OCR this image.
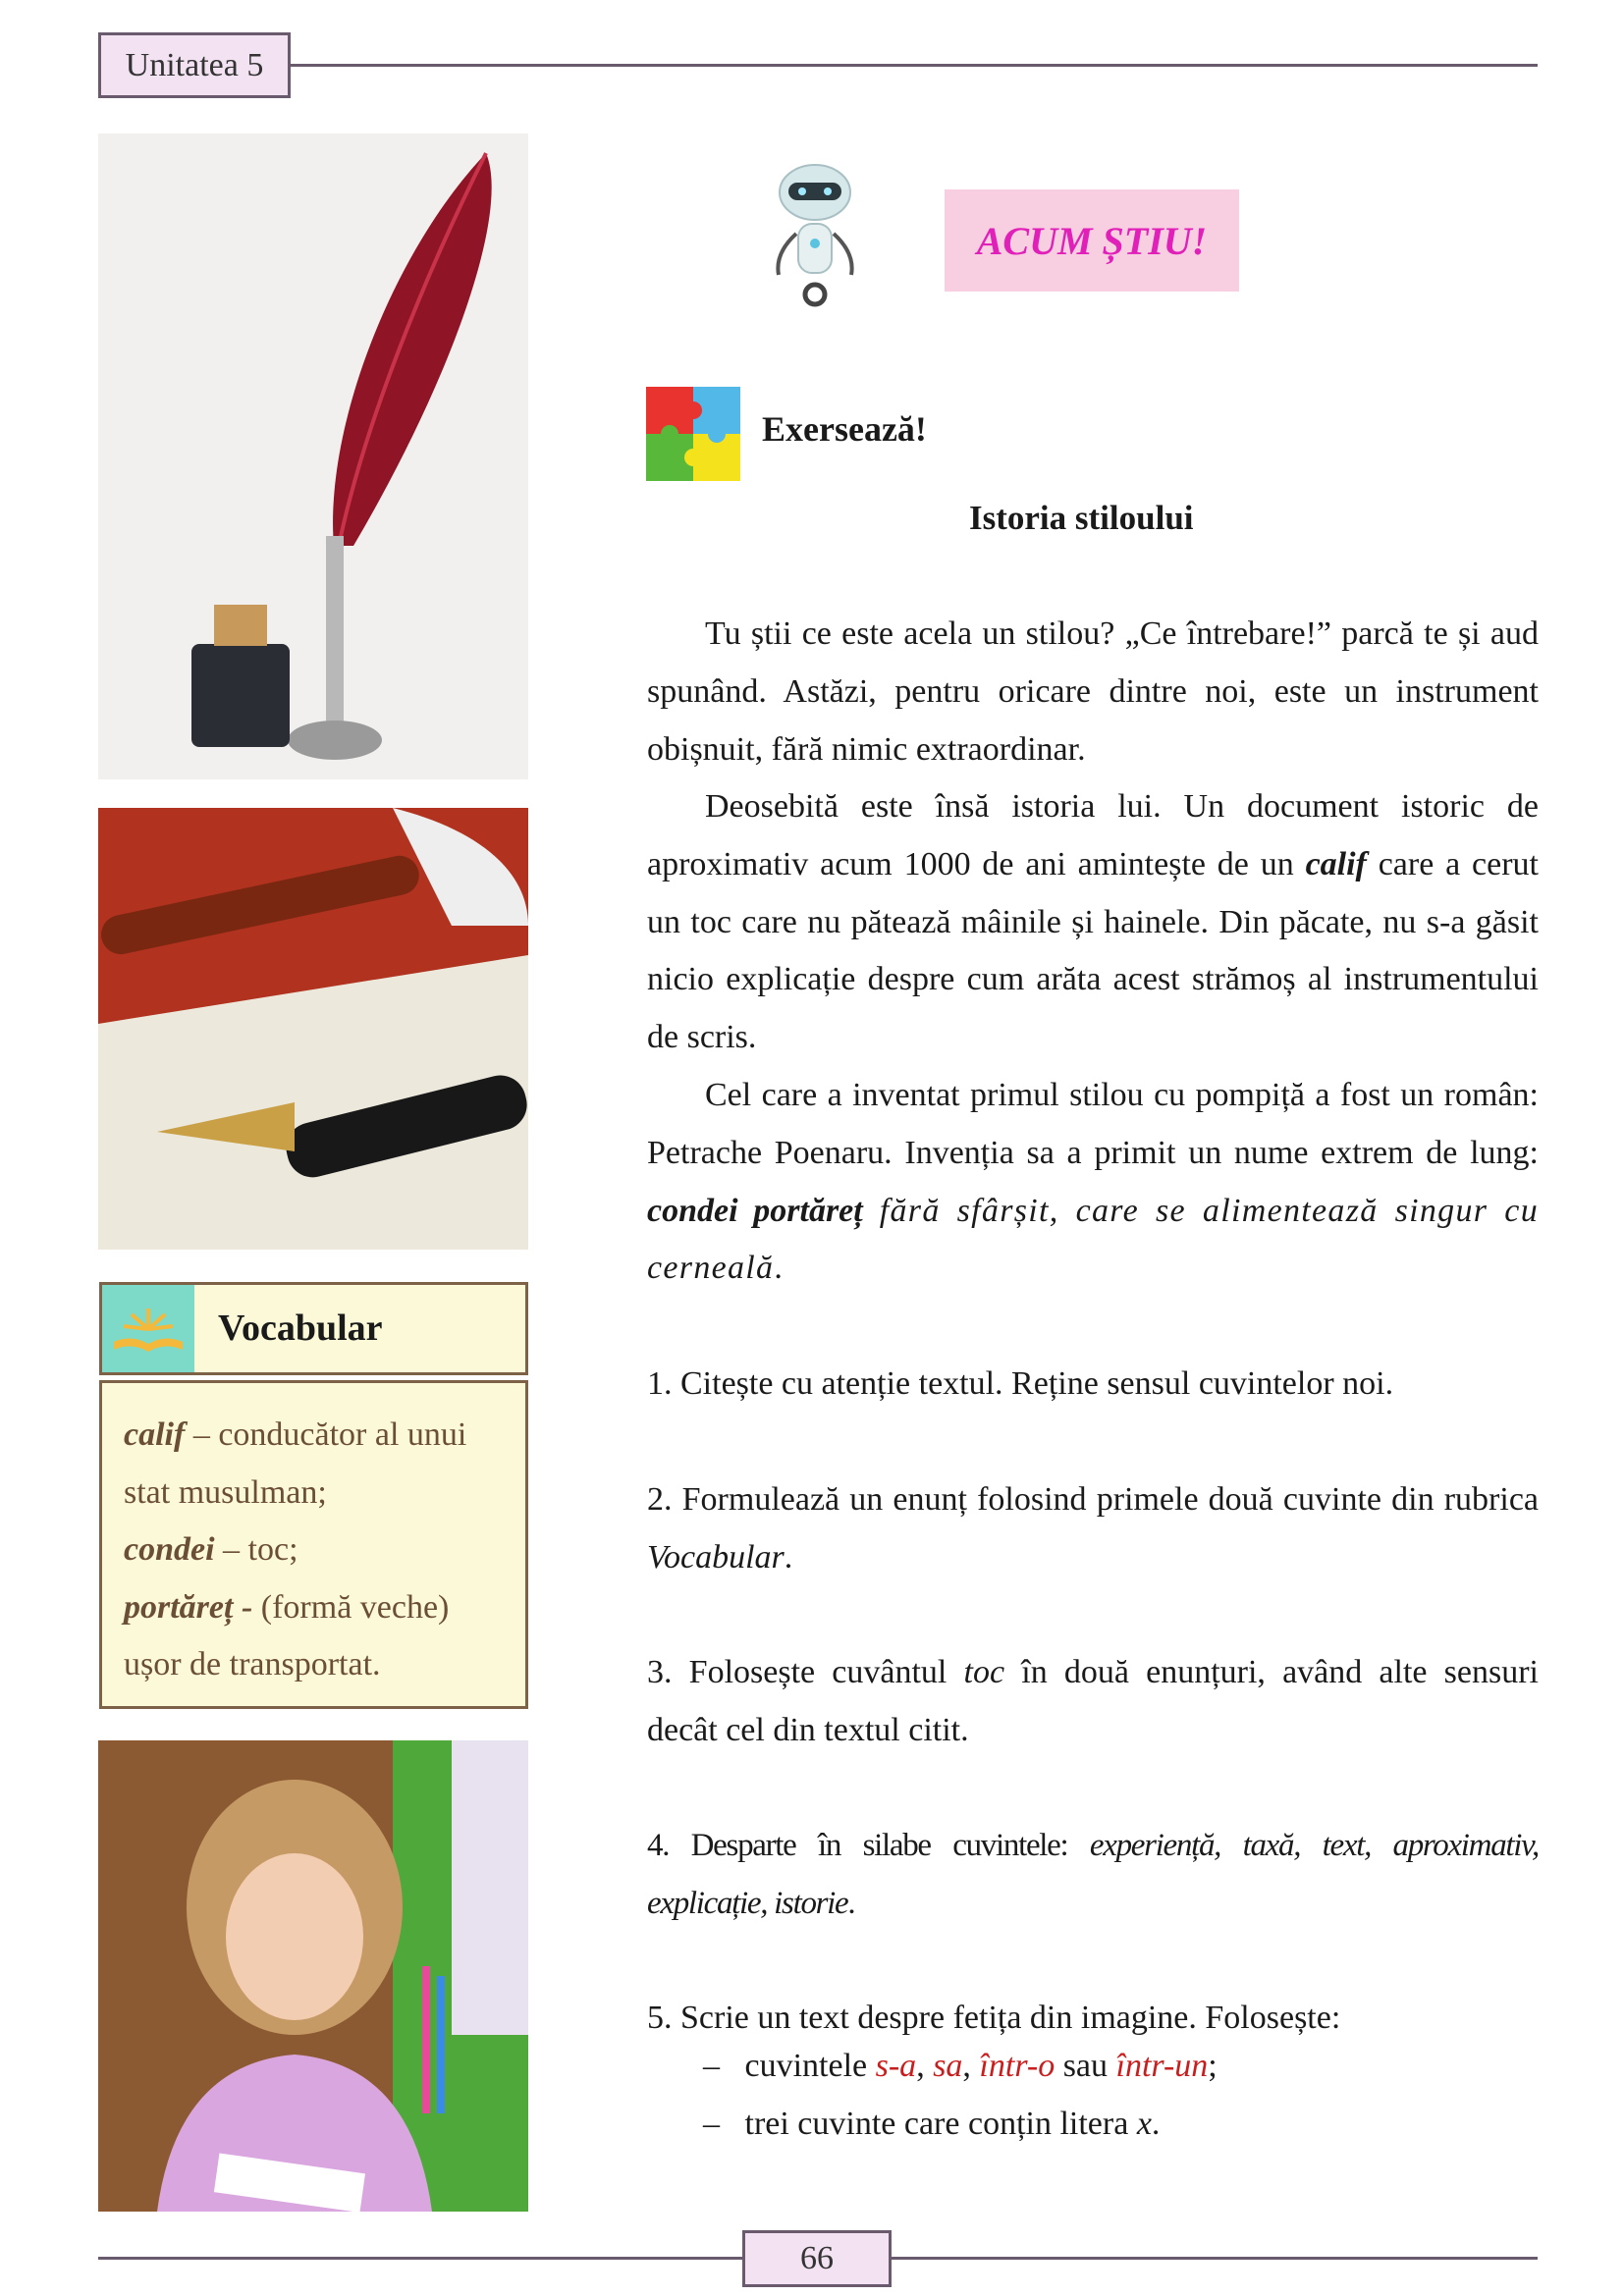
Unitatea 5
ACUM ȘTIU!
Exersează!
Istoria stiloului
Tu știi ce este acela un stilou? „Ce întrebare!” parcă te și aud spunând. Astăzi, pentru oricare dintre noi, este un instrument obișnuit, fără nimic extraordinar.
Deosebită este însă istoria lui. Un document istoric de aproximativ acum 1000 de ani amintește de un calif care a cerut un toc care nu pătează mâinile și hainele. Din păcate, nu s-a găsit nicio explicație despre cum arăta acest strămoș al instrumentului de scris.
Cel care a inventat primul stilou cu pompiță a fost un român: Petrache Poenaru. Invenția sa a primit un nume extrem de lung: condei portăreț fără sfârșit, care se alimentează singur cu cerneală.
Vocabular
calif – conducător al unui stat musulman;
condei – toc;
portăreț - (formă veche) ușor de transportat.
1. Citește cu atenție textul. Reține sensul cuvintelor noi.
2. Formulează un enunț folosind primele două cuvinte din rubrica Vocabular.
3. Folosește cuvântul toc în două enunțuri, având alte sensuri decât cel din textul citit.
4. Desparte în silabe cuvintele: experiență, taxă, text, aproximativ, explicație, istorie.
5. Scrie un text despre fetița din imagine. Folosește:
– cuvintele s-a, sa, într-o sau într-un;
– trei cuvinte care conțin litera x.
66
